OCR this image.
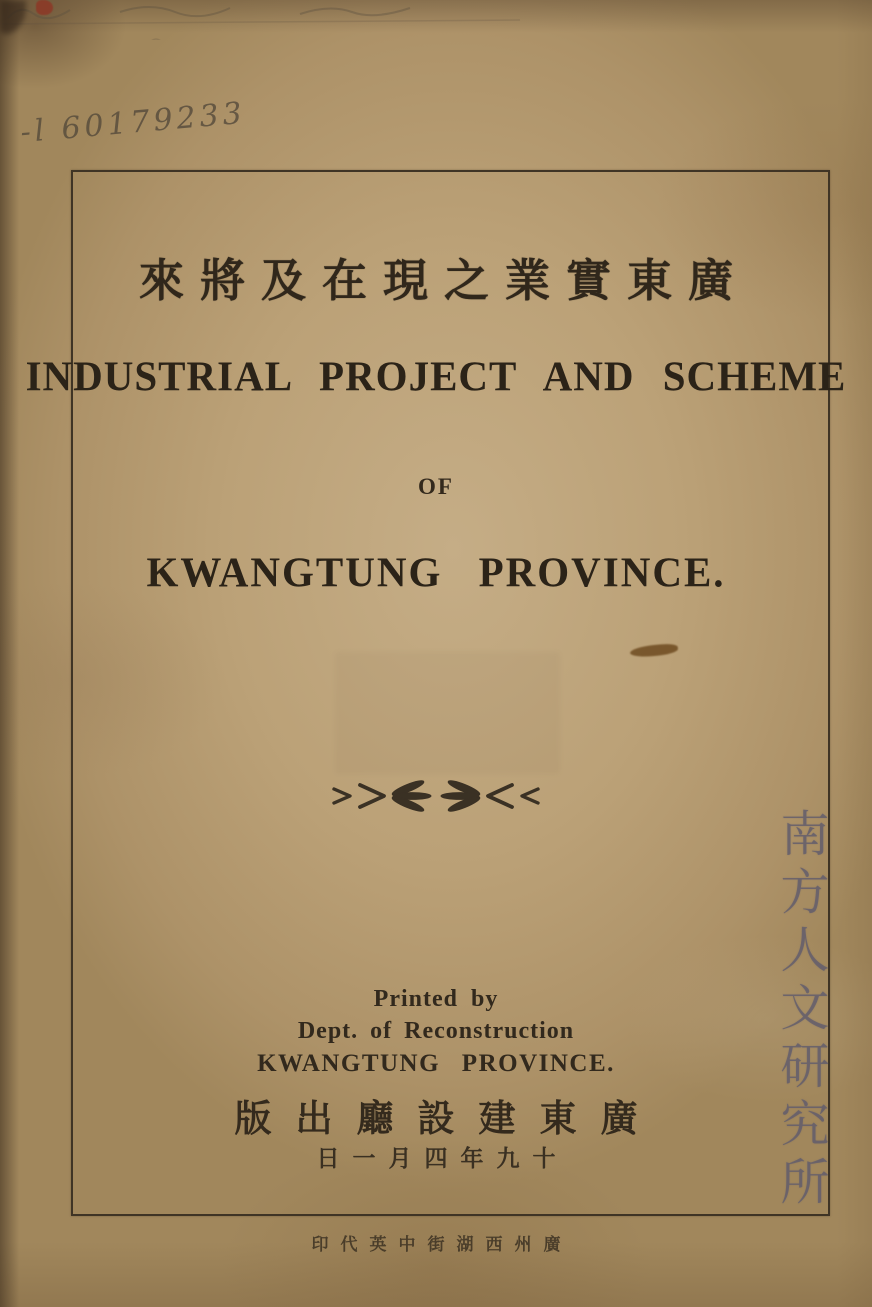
-l 60179233
來將及在現之業實東廣
INDUSTRIAL PROJECT AND SCHEME
OF
KWANGTUNG PROVINCE.
南方人文研究所
Printed by
Dept. of Reconstruction
KWANGTUNG PROVINCE.
版出廳設建東廣
日一月四年九十
印代英中街湖西州廣
